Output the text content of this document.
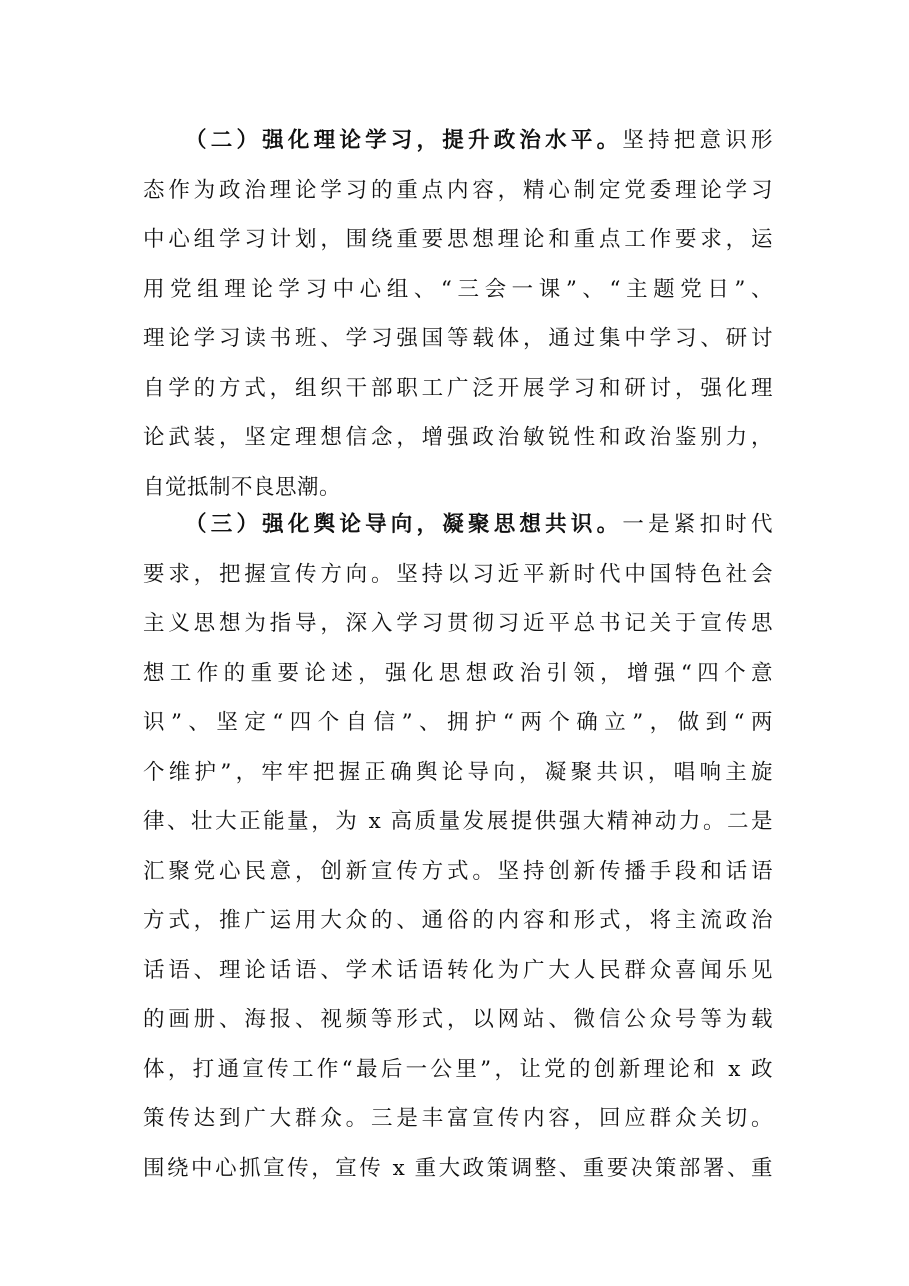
（二）强化理论学习，提升政治水平。坚持把意识形
态作为政治理论学习的重点内容，精心制定党委理论学习
中心组学习计划，围绕重要思想理论和重点工作要求，运
用党组理论学习中心组、“三会一课”、“主题党日”、
理论学习读书班、学习强国等载体，通过集中学习、研讨
自学的方式，组织干部职工广泛开展学习和研讨，强化理
论武装，坚定理想信念，增强政治敏锐性和政治鉴别力，
自觉抵制不良思潮。
（三）强化舆论导向，凝聚思想共识。一是紧扣时代
要求，把握宣传方向。坚持以习近平新时代中国特色社会
主义思想为指导，深入学习贯彻习近平总书记关于宣传思
想工作的重要论述，强化思想政治引领，增强“四个意
识”、坚定“四个自信”、拥护“两个确立”，做到“两
个维护”，牢牢把握正确舆论导向，凝聚共识，唱响主旋
律、壮大正能量，为 x 高质量发展提供强大精神动力。二是
汇聚党心民意，创新宣传方式。坚持创新传播手段和话语
方式，推广运用大众的、通俗的内容和形式，将主流政治
话语、理论话语、学术话语转化为广大人民群众喜闻乐见
的画册、海报、视频等形式，以网站、微信公众号等为载
体，打通宣传工作“最后一公里”，让党的创新理论和 x 政
策传达到广大群众。三是丰富宣传内容，回应群众关切。
围绕中心抓宣传，宣传 x 重大政策调整、重要决策部署、重
